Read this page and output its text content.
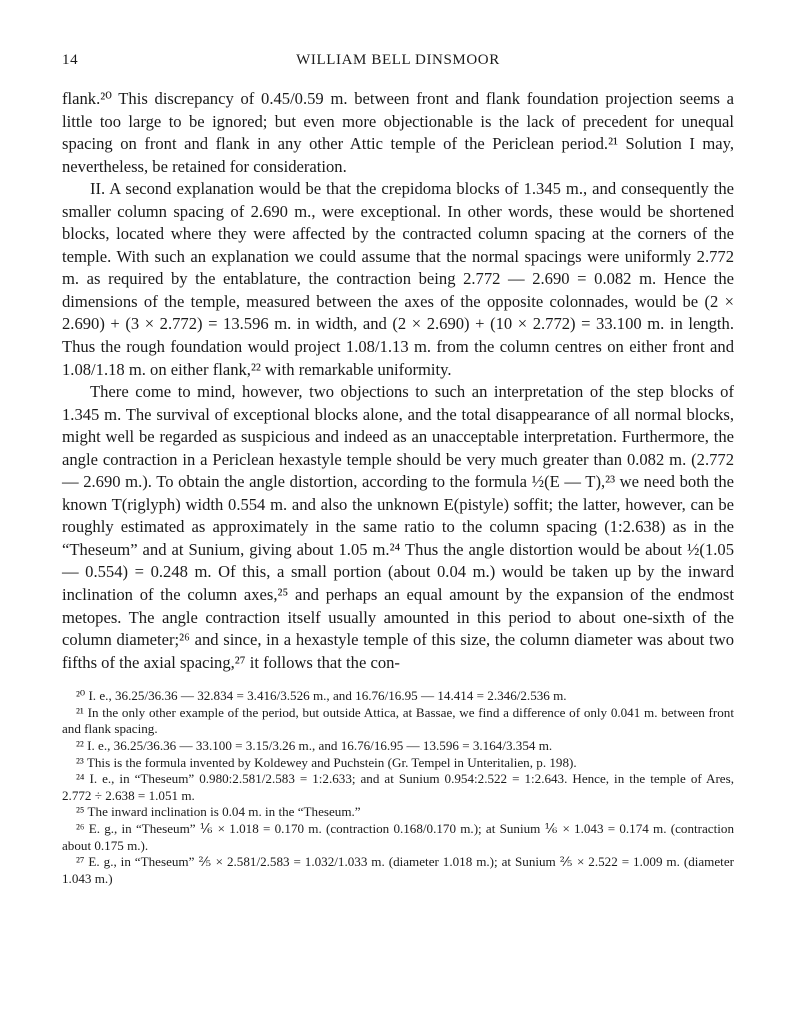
14	WILLIAM BELL DINSMOOR

flank.²⁰ This discrepancy of 0.45/0.59 m. between front and flank foundation projection seems a little too large to be ignored; but even more objectionable is the lack of precedent for unequal spacing on front and flank in any other Attic temple of the Periclean period.²¹ Solution I may, nevertheless, be retained for consideration.

II. A second explanation would be that the crepidoma blocks of 1.345 m., and consequently the smaller column spacing of 2.690 m., were exceptional. In other words, these would be shortened blocks, located where they were affected by the contracted column spacing at the corners of the temple. With such an explanation we could assume that the normal spacings were uniformly 2.772 m. as required by the entablature, the contraction being 2.772 — 2.690 = 0.082 m. Hence the dimensions of the temple, measured between the axes of the opposite colonnades, would be (2 × 2.690) + (3 × 2.772) = 13.596 m. in width, and (2 × 2.690) + (10 × 2.772) = 33.100 m. in length. Thus the rough foundation would project 1.08/1.13 m. from the column centres on either front and 1.08/1.18 m. on either flank,²² with remarkable uniformity.

There come to mind, however, two objections to such an interpretation of the step blocks of 1.345 m. The survival of exceptional blocks alone, and the total disappearance of all normal blocks, might well be regarded as suspicious and indeed as an unacceptable interpretation. Furthermore, the angle contraction in a Periclean hexastyle temple should be very much greater than 0.082 m. (2.772 — 2.690 m.). To obtain the angle distortion, according to the formula ½(E — T),²³ we need both the known T(riglyph) width 0.554 m. and also the unknown E(pistyle) soffit; the latter, however, can be roughly estimated as approximately in the same ratio to the column spacing (1:2.638) as in the “Theseum” and at Sunium, giving about 1.05 m.²⁴ Thus the angle distortion would be about ½(1.05 — 0.554) = 0.248 m. Of this, a small portion (about 0.04 m.) would be taken up by the inward inclination of the column axes,²⁵ and perhaps an equal amount by the expansion of the endmost metopes. The angle contraction itself usually amounted in this period to about one-sixth of the column diameter;²⁶ and since, in a hexastyle temple of this size, the column diameter was about two fifths of the axial spacing,²⁷ it follows that the con-

²⁰ I. e., 36.25/36.36 — 32.834 = 3.416/3.526 m., and 16.76/16.95 — 14.414 = 2.346/2.536 m.

²¹ In the only other example of the period, but outside Attica, at Bassae, we find a difference of only 0.041 m. between front and flank spacing.

²² I. e., 36.25/36.36 — 33.100 = 3.15/3.26 m., and 16.76/16.95 — 13.596 = 3.164/3.354 m.

²³ This is the formula invented by Koldewey and Puchstein (Gr. Tempel in Unteritalien, p. 198).

²⁴ I. e., in “Theseum” 0.980:2.581/2.583 = 1:2.633; and at Sunium 0.954:2.522 = 1:2.643. Hence, in the temple of Ares, 2.772 ÷ 2.638 = 1.051 m.

²⁵ The inward inclination is 0.04 m. in the “Theseum.”

²⁶ E. g., in “Theseum” ⅙ × 1.018 = 0.170 m. (contraction 0.168/0.170 m.); at Sunium ⅙ × 1.043 = 0.174 m. (contraction about 0.175 m.).

²⁷ E. g., in “Theseum” ⅖ × 2.581/2.583 = 1.032/1.033 m. (diameter 1.018 m.); at Sunium ⅖ × 2.522 = 1.009 m. (diameter 1.043 m.)
